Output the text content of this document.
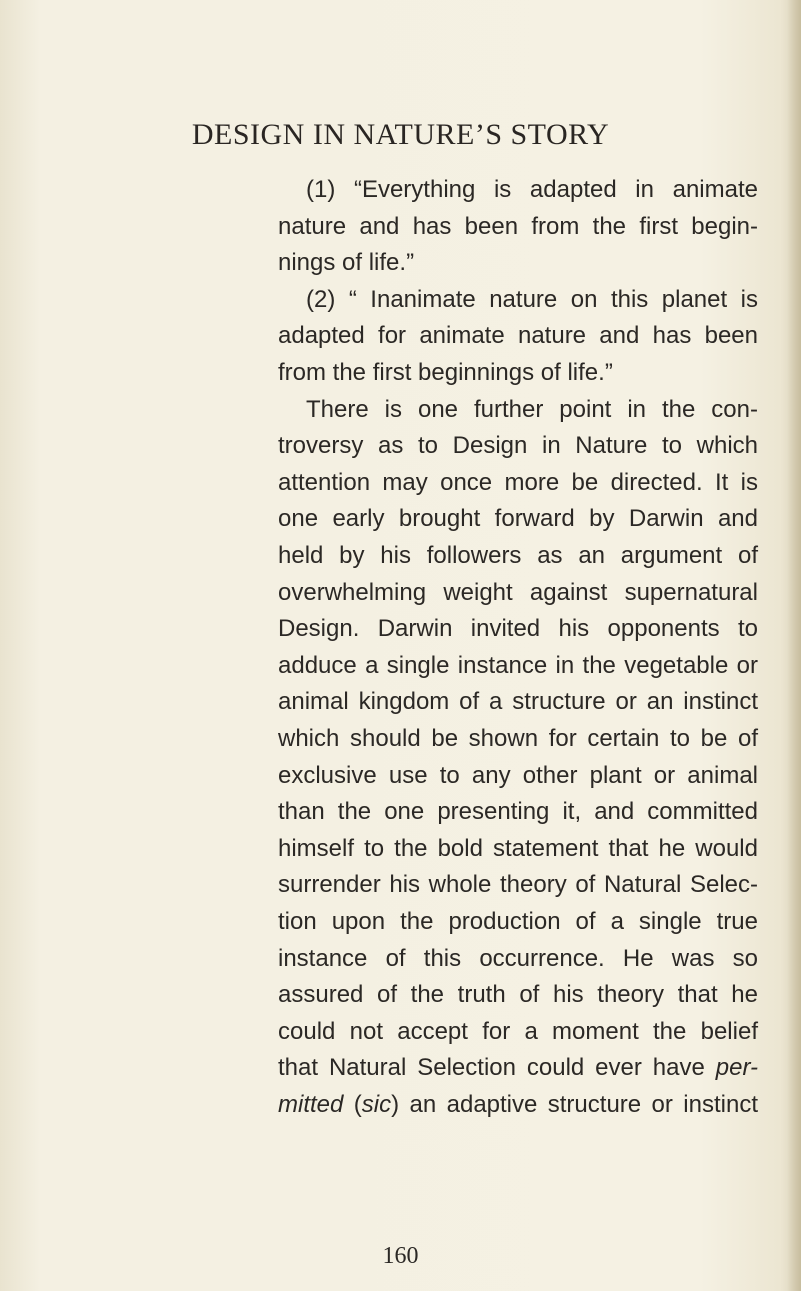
DESIGN IN NATURE’S STORY
(1) “Everything is adapted in animate
nature and has been from the first begin-
nings of life.”
(2) “ Inanimate nature on this planet is
adapted for animate nature and has been
from the first beginnings of life.”
There is one further point in the con-
troversy as to Design in Nature to which
attention may once more be directed. It is
one early brought forward by Darwin and
held by his followers as an argument of
overwhelming weight against supernatural
Design. Darwin invited his opponents to
adduce a single instance in the vegetable or
animal kingdom of a structure or an instinct
which should be shown for certain to be of
exclusive use to any other plant or animal
than the one presenting it, and committed
himself to the bold statement that he would
surrender his whole theory of Natural Selec-
tion upon the production of a single true
instance of this occurrence. He was so
assured of the truth of his theory that he
could not accept for a moment the belief
that Natural Selection could ever have per-
mitted (sic) an adaptive structure or instinct
160
